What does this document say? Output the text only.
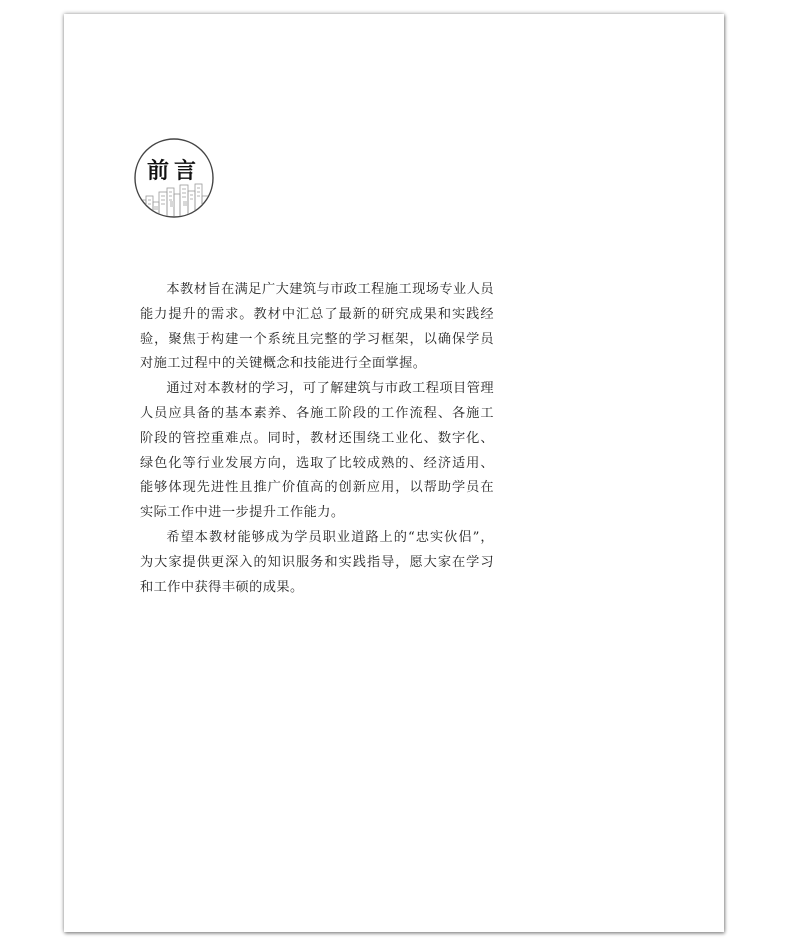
前言

本教材旨在满足广大建筑与市政工程施工现场专业人员能力提升的需求。教材中汇总了最新的研究成果和实践经验，聚焦于构建一个系统且完整的学习框架，以确保学员对施工过程中的关键概念和技能进行全面掌握。

通过对本教材的学习，可了解建筑与市政工程项目管理人员应具备的基本素养、各施工阶段的工作流程、各施工阶段的管控重难点。同时，教材还围绕工业化、数字化、绿色化等行业发展方向，选取了比较成熟的、经济适用、能够体现先进性且推广价值高的创新应用，以帮助学员在实际工作中进一步提升工作能力。

希望本教材能够成为学员职业道路上的“忠实伙侣”，为大家提供更深入的知识服务和实践指导，愿大家在学习和工作中获得丰硕的成果。
